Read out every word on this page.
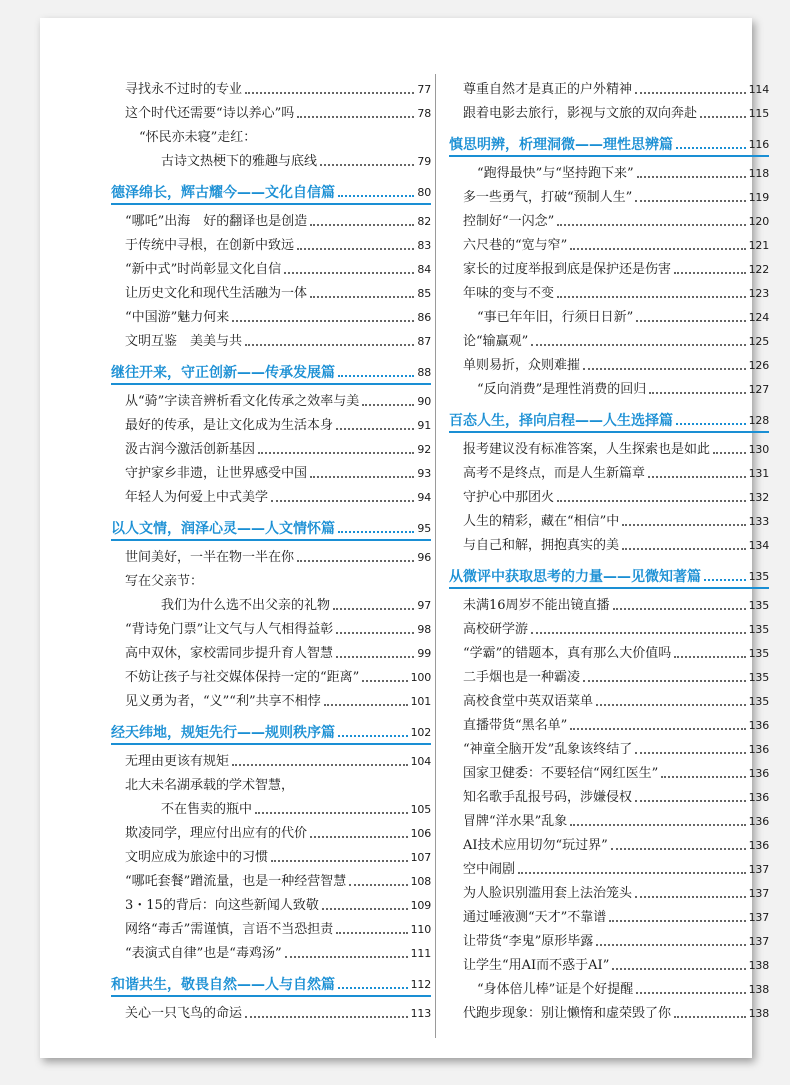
寻找永不过时的专业	77
这个时代还需要“诗以养心”吗	78
“怀民亦未寝”走红：
古诗文热梗下的雅趣与底线	79
德泽绵长，辉古耀今——文化自信篇	80
“哪吒”出海　好的翻译也是创造	82
于传统中寻根，在创新中致远	83
“新中式”时尚彰显文化自信	84
让历史文化和现代生活融为一体	85
“中国游”魅力何来	86
文明互鉴　美美与共	87
继往开来，守正创新——传承发展篇	88
从“骑”字读音辨析看文化传承之效率与美	90
最好的传承，是让文化成为生活本身	91
汲古润今激活创新基因	92
守护家乡非遗，让世界感受中国	93
年轻人为何爱上中式美学	94
以人文情，润泽心灵——人文情怀篇	95
世间美好，一半在物一半在你	96
写在父亲节：
我们为什么选不出父亲的礼物	97
“背诗免门票”让文气与人气相得益彰	98
高中双休，家校需同步提升育人智慧	99
不妨让孩子与社交媒体保持一定的“距离”	100
见义勇为者，“义”“利”共享不相悖	101
经天纬地，规矩先行——规则秩序篇	102
无理由更该有规矩	104
北大未名湖承载的学术智慧，
不在售卖的瓶中	105
欺凌同学，理应付出应有的代价	106
文明应成为旅途中的习惯	107
“哪吒套餐”蹭流量，也是一种经营智慧	108
3・15的背后：向这些新闻人致敬	109
网络“毒舌”需谨慎，言语不当恐担责	110
“表演式自律”也是“毒鸡汤”	111
和谐共生，敬畏自然——人与自然篇	112
关心一只飞鸟的命运	113
尊重自然才是真正的户外精神	114
跟着电影去旅行，影视与文旅的双向奔赴	115
慎思明辨，析理洞微——理性思辨篇	116
“跑得最快”与“坚持跑下来”	118
多一些勇气，打破“预制人生”	119
控制好“一闪念”	120
六尺巷的“宽与窄”	121
家长的过度举报到底是保护还是伤害	122
年味的变与不变	123
“事已年年旧，行须日日新”	124
论“输赢观”	125
单则易折，众则难摧	126
“反向消费”是理性消费的回归	127
百态人生，择向启程——人生选择篇	128
报考建议没有标准答案，人生探索也是如此	130
高考不是终点，而是人生新篇章	131
守护心中那团火	132
人生的精彩，藏在“相信”中	133
与自己和解，拥抱真实的美	134
从微评中获取思考的力量——见微知著篇	135
未满16周岁不能出镜直播	135
高校研学游	135
“学霸”的错题本，真有那么大价值吗	135
二手烟也是一种霸凌	135
高校食堂中英双语菜单	135
直播带货“黑名单”	136
“神童全脑开发”乱象该终结了	136
国家卫健委：不要轻信“网红医生”	136
知名歌手乱报号码，涉嫌侵权	136
冒牌“洋水果”乱象	136
AI技术应用切勿“玩过界”	136
空中闹剧	137
为人脸识别滥用套上法治笼头	137
通过唾液测“天才”不靠谱	137
让带货“李鬼”原形毕露	137
让学生“用AI而不惑于AI”	138
“身体倍儿棒”证是个好提醒	138
代跑步现象：别让懒惰和虚荣毁了你	138
